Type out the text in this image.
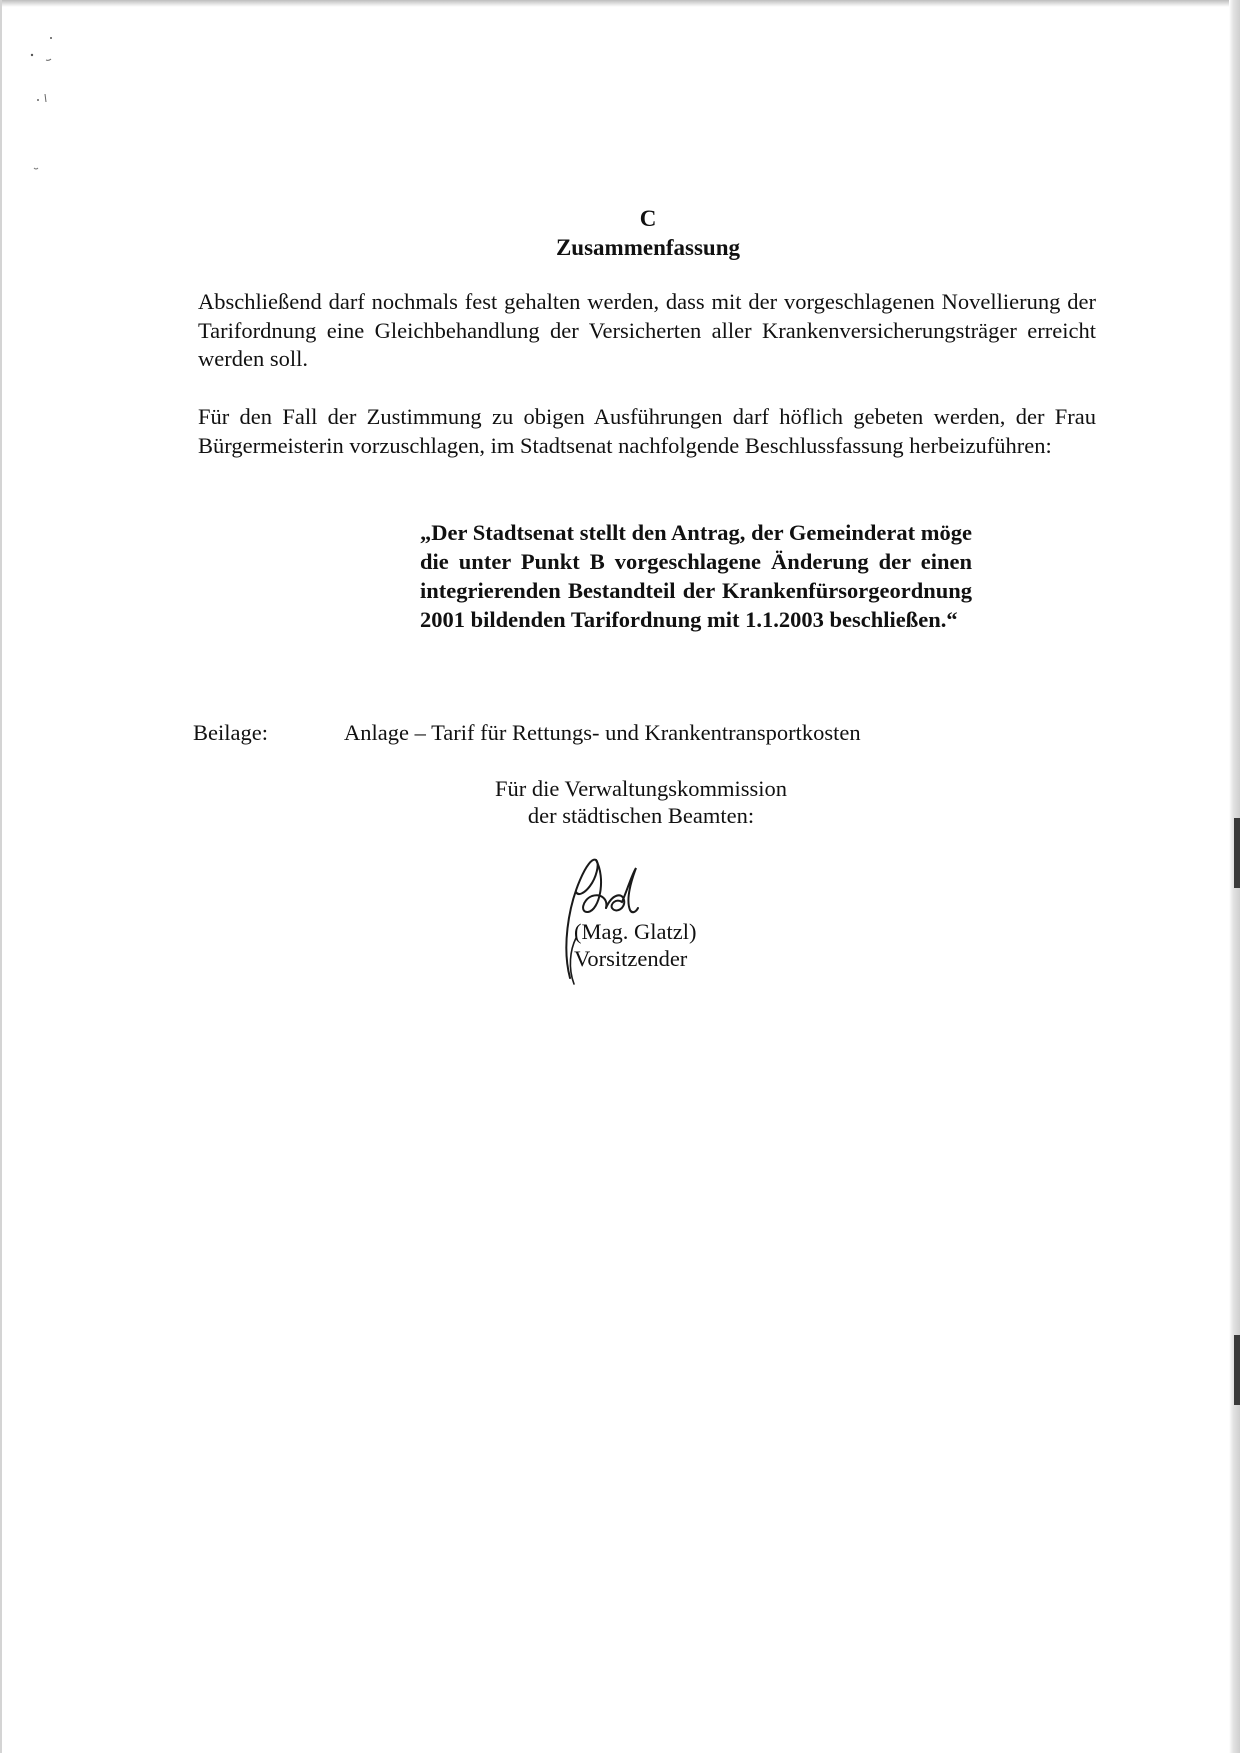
C
Zusammenfassung

Abschließend darf nochmals fest gehalten werden, dass mit der vorgeschlagenen Novellierung der Tarifordnung eine Gleichbehandlung der Versicherten aller Krankenversicherungsträger erreicht werden soll.

Für den Fall der Zustimmung zu obigen Ausführungen darf höflich gebeten werden, der Frau Bürgermeisterin vorzuschlagen, im Stadtsenat nachfolgende Beschlussfassung herbeizuführen:

„Der Stadtsenat stellt den Antrag, der Gemeinderat möge die unter Punkt B vorgeschlagene Änderung der einen integrierenden Bestandteil der Krankenfürsorgeordnung 2001 bildenden Tarifordnung mit 1.1.2003 beschließen.“

Beilage:	Anlage – Tarif für Rettungs- und Krankentransportkosten
Für die Verwaltungskommission
der städtischen Beamten:
(Mag. Glatzl)
Vorsitzender
